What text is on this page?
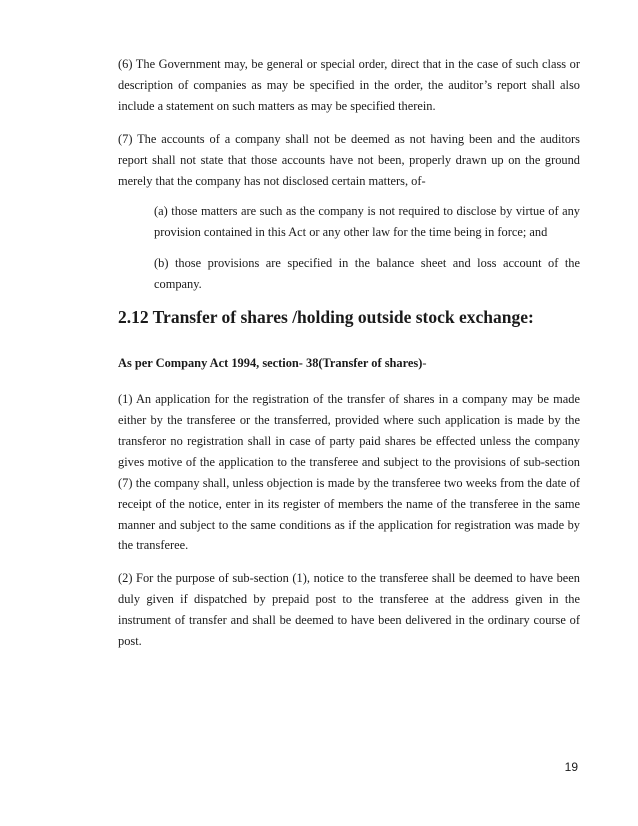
(6) The Government may, be general or special order, direct that in the case of such class or description of companies as may be specified in the order, the auditor’s report shall also include a statement on such matters as may be specified therein.

(7) The accounts of a company shall not be deemed as not having been and the auditors report shall not state that those accounts have not been, properly drawn up on the ground merely that the company has not disclosed certain matters, of-

(a) those matters are such as the company is not required to disclose by virtue of any provision contained in this Act or any other law for the time being in force; and

(b) those provisions are specified in the balance sheet and loss account of the company.

2.12 Transfer of shares /holding outside stock exchange:

As per Company Act 1994, section- 38(Transfer of shares)-

(1) An application for the registration of the transfer of shares in a company may be made either by the transferee or the transferred, provided where such application is made by the transferor no registration shall in case of party paid shares be effected unless the company gives motive of the application to the transferee and subject to the provisions of sub-section (7) the company shall, unless objection is made by the transferee two weeks from the date of receipt of the notice, enter in its register of members the name of the transferee in the same manner and subject to the same conditions as if the application for registration was made by the transferee.

(2) For the purpose of sub-section (1), notice to the transferee shall be deemed to have been duly given if dispatched by prepaid post to the transferee at the address given in the instrument of transfer and shall be deemed to have been delivered in the ordinary course of post.

19
